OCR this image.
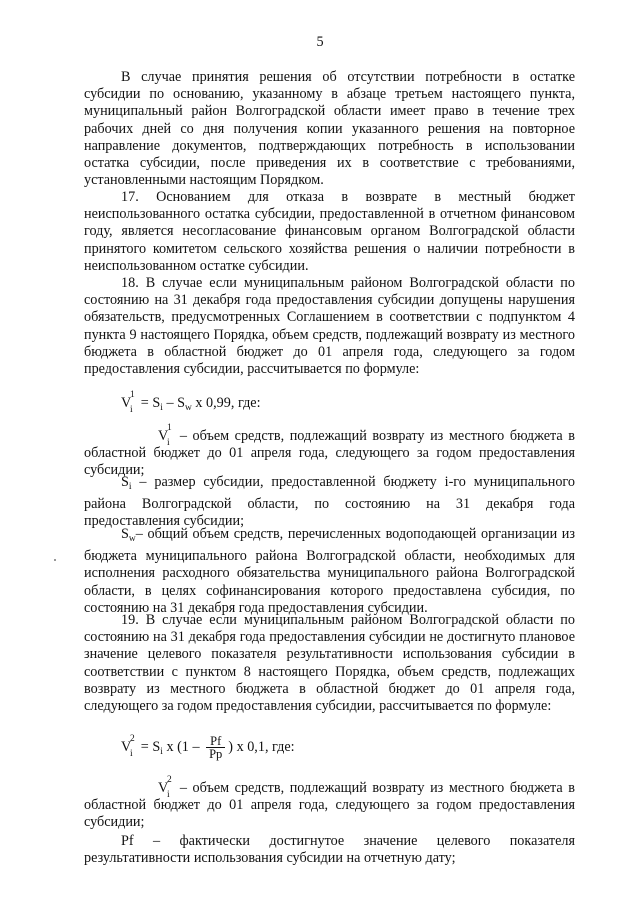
5

В случае принятия решения об отсутствии потребности в остатке субсидии по основанию, указанному в абзаце третьем настоящего пункта, муниципальный район Волгоградской области имеет право в течение трех рабочих дней со дня получения копии указанного решения на повторное направление документов, подтверждающих потребность в использовании остатка субсидии, после приведения их в соответствие с требованиями, установленными настоящим Порядком.

17. Основанием для отказа в возврате в местный бюджет неиспользованного остатка субсидии, предоставленной в отчетном финансовом году, является несогласование финансовым органом Волгоградской области принятого комитетом сельского хозяйства решения о наличии потребности в неиспользованном остатке субсидии.

18. В случае если муниципальным районом Волгоградской области по состоянию на 31 декабря года предоставления субсидии допущены нарушения обязательств, предусмотренных Соглашением в соответствии с подпунктом 4 пункта 9 настоящего Порядка, объем средств, подлежащий возврату из местного бюджета в областной бюджет до 01 апреля года, следующего за годом предоставления субсидии, рассчитывается по формуле:

V
1
$i = S_i - S_w$ x 0,99, где:

V
1
i – объем средств, подлежащий возврату из местного бюджета в областной бюджет до 01 апреля года, следующего за годом предоставления субсидии;

$S_i$ – размер субсидии, предоставленной бюджету i-го муниципального района Волгоградской области, по состоянию на 31 декабря года предоставления субсидии;

$S_w-$ общий объем средств, перечисленных водоподающей организации из бюджета муниципального района Волгоградской области, необходимых для исполнения расходного обязательства муниципального района Волгоградской области, в целях софинансирования которого предоставлена субсидия, по состоянию на 31 декабря года предоставления субсидии.

19. В случае если муниципальным районом Волгоградской области по состоянию на 31 декабря года предоставления субсидии не достигнуто плановое значение целевого показателя результативности использования субсидии в соответствии с пунктом 8 настоящего Порядка, объем средств, подлежащих возврату из местного бюджета в областной бюджет до 01 апреля года, следующего за годом предоставления субсидии, рассчитывается по формуле:

V
2
$i = S_i$ x ($1 - \frac{Pf}{Pp}$ ) x 0,1, где:

V
2
i – объем средств, подлежащий возврату из местного бюджета в областной бюджет до 01 апреля года, следующего за годом предоставления субсидии;

Pf – фактически достигнутое значение целевого показателя результативности использования субсидии на отчетную дату;
